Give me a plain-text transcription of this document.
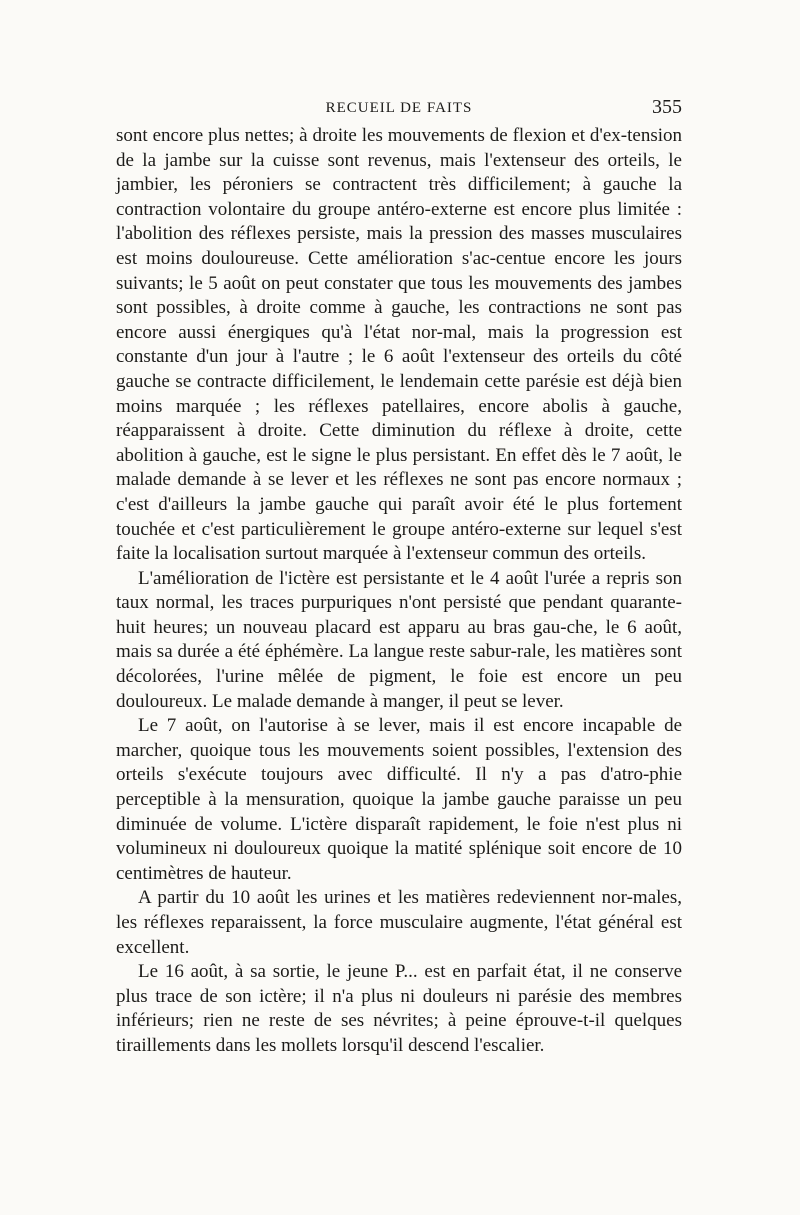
RECUEIL DE FAITS	355

sont encore plus nettes; à droite les mouvements de flexion et d'ex-tension de la jambe sur la cuisse sont revenus, mais l'extenseur des orteils, le jambier, les péroniers se contractent très difficilement; à gauche la contraction volontaire du groupe antéro-externe est encore plus limitée : l'abolition des réflexes persiste, mais la pression des masses musculaires est moins douloureuse. Cette amélioration s'ac-centue encore les jours suivants; le 5 août on peut constater que tous les mouvements des jambes sont possibles, à droite comme à gauche, les contractions ne sont pas encore aussi énergiques qu'à l'état nor-mal, mais la progression est constante d'un jour à l'autre ; le 6 août l'extenseur des orteils du côté gauche se contracte difficilement, le lendemain cette parésie est déjà bien moins marquée ; les réflexes patellaires, encore abolis à gauche, réapparaissent à droite. Cette diminution du réflexe à droite, cette abolition à gauche, est le signe le plus persistant. En effet dès le 7 août, le malade demande à se lever et les réflexes ne sont pas encore normaux ; c'est d'ailleurs la jambe gauche qui paraît avoir été le plus fortement touchée et c'est particulièrement le groupe antéro-externe sur lequel s'est faite la localisation surtout marquée à l'extenseur commun des orteils.

L'amélioration de l'ictère est persistante et le 4 août l'urée a repris son taux normal, les traces purpuriques n'ont persisté que pendant quarante-huit heures; un nouveau placard est apparu au bras gau-che, le 6 août, mais sa durée a été éphémère. La langue reste sabur-rale, les matières sont décolorées, l'urine mêlée de pigment, le foie est encore un peu douloureux. Le malade demande à manger, il peut se lever.

Le 7 août, on l'autorise à se lever, mais il est encore incapable de marcher, quoique tous les mouvements soient possibles, l'extension des orteils s'exécute toujours avec difficulté. Il n'y a pas d'atro-phie perceptible à la mensuration, quoique la jambe gauche paraisse un peu diminuée de volume. L'ictère disparaît rapidement, le foie n'est plus ni volumineux ni douloureux quoique la matité splénique soit encore de 10 centimètres de hauteur.

A partir du 10 août les urines et les matières redeviennent nor-males, les réflexes reparaissent, la force musculaire augmente, l'état général est excellent.

Le 16 août, à sa sortie, le jeune P... est en parfait état, il ne conserve plus trace de son ictère; il n'a plus ni douleurs ni parésie des membres inférieurs; rien ne reste de ses névrites; à peine éprouve-t-il quelques tiraillements dans les mollets lorsqu'il descend l'escalier.
